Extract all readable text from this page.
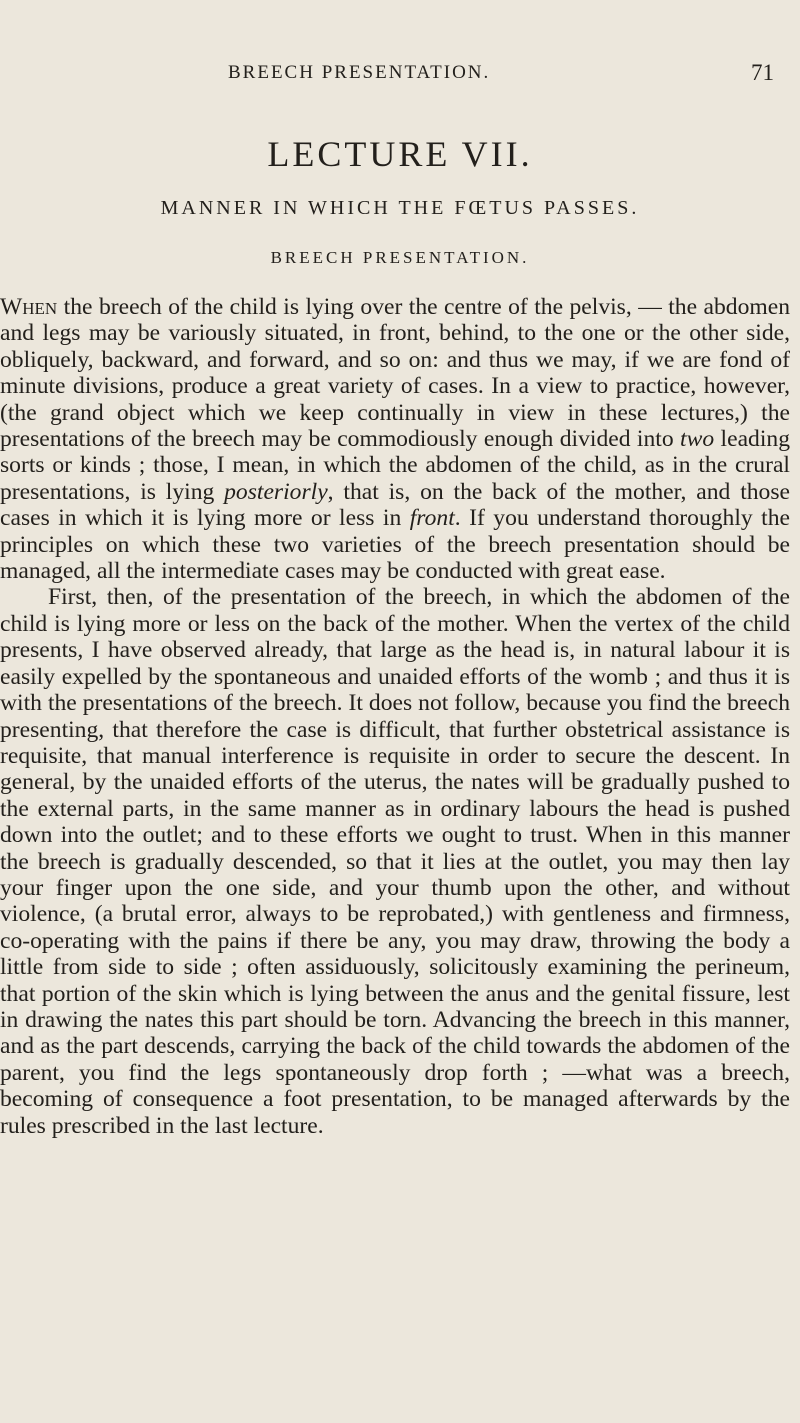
BREECH PRESENTATION.	71
LECTURE VII.
MANNER IN WHICH THE FŒTUS PASSES.
BREECH PRESENTATION.

When the breech of the child is lying over the centre of the pelvis, — the abdomen and legs may be variously situated, in front, behind, to the one or the other side, obliquely, backward, and forward, and so on: and thus we may, if we are fond of minute divisions, produce a great variety of cases. In a view to practice, however, (the grand object which we keep continually in view in these lectures,) the presentations of the breech may be commodiously enough divided into two leading sorts or kinds ; those, I mean, in which the abdomen of the child, as in the crural presentations, is lying posteriorly, that is, on the back of the mother, and those cases in which it is lying more or less in front. If you understand thoroughly the principles on which these two varieties of the breech presentation should be managed, all the intermediate cases may be conducted with great ease.

First, then, of the presentation of the breech, in which the abdomen of the child is lying more or less on the back of the mother. When the vertex of the child presents, I have observed already, that large as the head is, in natural labour it is easily expelled by the spontaneous and unaided efforts of the womb ; and thus it is with the presentations of the breech. It does not follow, because you find the breech presenting, that therefore the case is difficult, that further obstetrical assistance is requisite, that manual interference is requisite in order to secure the descent. In general, by the unaided efforts of the uterus, the nates will be gradually pushed to the external parts, in the same manner as in ordinary labours the head is pushed down into the outlet; and to these efforts we ought to trust. When in this manner the breech is gradually descended, so that it lies at the outlet, you may then lay your finger upon the one side, and your thumb upon the other, and without violence, (a brutal error, always to be reprobated,) with gentleness and firmness, co-operating with the pains if there be any, you may draw, throwing the body a little from side to side ; often assiduously, solicitously examining the perineum, that portion of the skin which is lying between the anus and the genital fissure, lest in drawing the nates this part should be torn. Advancing the breech in this manner, and as the part descends, carrying the back of the child towards the abdomen of the parent, you find the legs spontaneously drop forth ; —what was a breech, becoming of consequence a foot presentation, to be managed afterwards by the rules prescribed in the last lecture.
